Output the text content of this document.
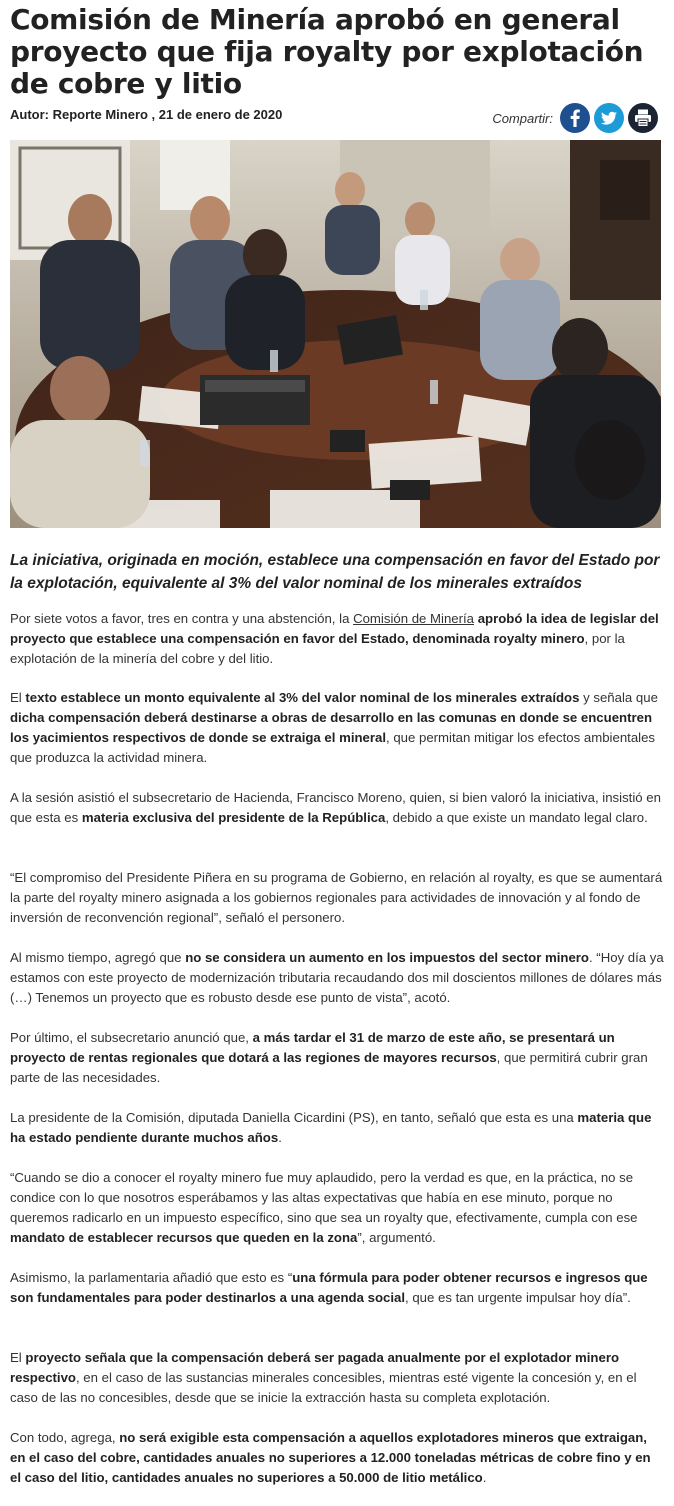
Comisión de Minería aprobó en general proyecto que fija royalty por explotación de cobre y litio
Autor: Reporte Minero , 21 de enero de 2020	Compartir:

La iniciativa, originada en moción, establece una compensación en favor del Estado por la explotación, equivalente al 3% del valor nominal de los minerales extraídos

Por siete votos a favor, tres en contra y una abstención, la Comisión de Minería aprobó la idea de legislar del proyecto que establece una compensación en favor del Estado, denominada royalty minero, por la explotación de la minería del cobre y del litio.

El texto establece un monto equivalente al 3% del valor nominal de los minerales extraídos y señala que dicha compensación deberá destinarse a obras de desarrollo en las comunas en donde se encuentren los yacimientos respectivos de donde se extraiga el mineral, que permitan mitigar los efectos ambientales que produzca la actividad minera.

A la sesión asistió el subsecretario de Hacienda, Francisco Moreno, quien, si bien valoró la iniciativa, insistió en que esta es materia exclusiva del presidente de la República, debido a que existe un mandato legal claro.

“El compromiso del Presidente Piñera en su programa de Gobierno, en relación al royalty, es que se aumentará la parte del royalty minero asignada a los gobiernos regionales para actividades de innovación y al fondo de inversión de reconvención regional”, señaló el personero.

Al mismo tiempo, agregó que no se considera un aumento en los impuestos del sector minero. “Hoy día ya estamos con este proyecto de modernización tributaria recaudando dos mil doscientos millones de dólares más (…) Tenemos un proyecto que es robusto desde ese punto de vista”, acotó.

Por último, el subsecretario anunció que, a más tardar el 31 de marzo de este año, se presentará un proyecto de rentas regionales que dotará a las regiones de mayores recursos, que permitirá cubrir gran parte de las necesidades.

La presidente de la Comisión, diputada Daniella Cicardini (PS), en tanto, señaló que esta es una materia que ha estado pendiente durante muchos años.

“Cuando se dio a conocer el royalty minero fue muy aplaudido, pero la verdad es que, en la práctica, no se condice con lo que nosotros esperábamos y las altas expectativas que había en ese minuto, porque no queremos radicarlo en un impuesto específico, sino que sea un royalty que, efectivamente, cumpla con ese mandato de establecer recursos que queden en la zona”, argumentó.

Asimismo, la parlamentaria añadió que esto es “una fórmula para poder obtener recursos e ingresos que son fundamentales para poder destinarlos a una agenda social, que es tan urgente impulsar hoy día”.

El proyecto señala que la compensación deberá ser pagada anualmente por el explotador minero respectivo, en el caso de las sustancias minerales concesibles, mientras esté vigente la concesión y, en el caso de las no concesibles, desde que se inicie la extracción hasta su completa explotación.

Con todo, agrega, no será exigible esta compensación a aquellos explotadores mineros que extraigan, en el caso del cobre, cantidades anuales no superiores a 12.000 toneladas métricas de cobre fino y en el caso del litio, cantidades anuales no superiores a 50.000 de litio metálico.
